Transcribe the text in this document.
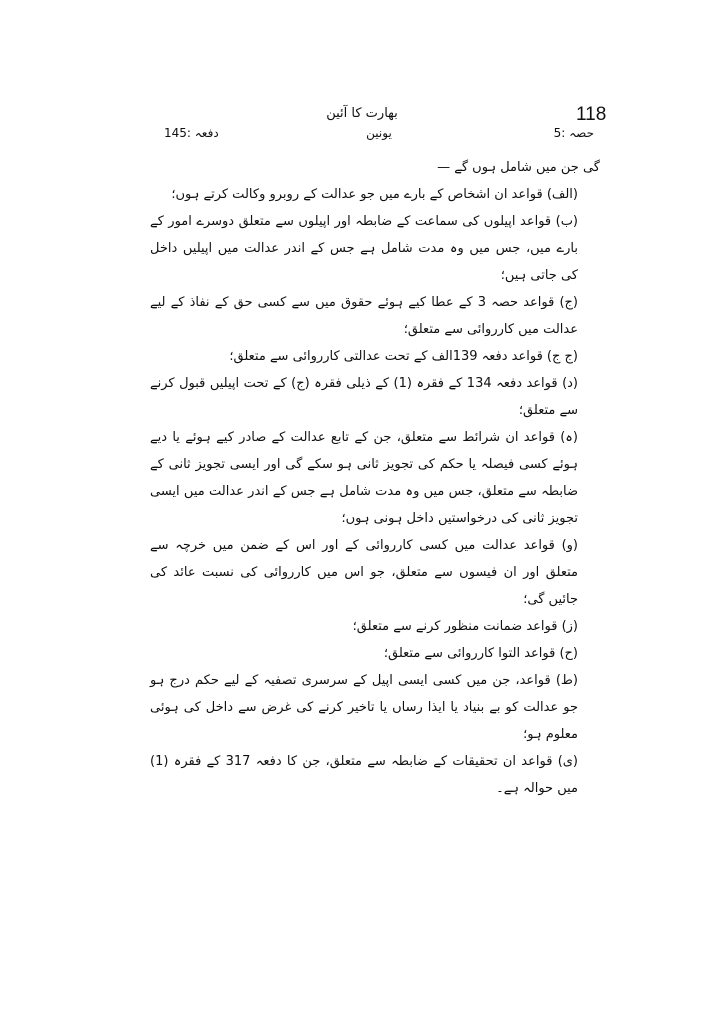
118
بھارت کا آئین
حصہ :5
یونین
دفعہ :145

گی جن میں شامل ہوں گے —

(الف) قواعد ان اشخاص کے بارے میں جو عدالت کے روبرو وکالت کرتے ہوں؛

(ب) قواعد اپیلوں کی سماعت کے ضابطہ اور اپیلوں سے متعلق دوسرے امور کے بارے میں، جس میں وہ مدت شامل ہے جس کے اندر عدالت میں اپیلیں داخل کی جاتی ہیں؛

(ج) قواعد حصہ 3 کے عطا کیے ہوئے حقوق میں سے کسی حق کے نفاذ کے لیے عدالت میں کارروائی سے متعلق؛

(ج ج) قواعد دفعہ 139الف کے تحت عدالتی کارروائی سے متعلق؛

(د) قواعد دفعہ 134 کے فقرہ (1) کے ذیلی فقرہ (ج) کے تحت اپیلیں قبول کرنے سے متعلق؛

(ہ) قواعد ان شرائط سے متعلق، جن کے تابع عدالت کے صادر کیے ہوئے یا دیے ہوئے کسی فیصلہ یا حکم کی تجویز ثانی ہو سکے گی اور ایسی تجویز ثانی کے ضابطہ سے متعلق، جس میں وہ مدت شامل ہے جس کے اندر عدالت میں ایسی تجویز ثانی کی درخواستیں داخل ہونی ہوں؛

(و) قواعد عدالت میں کسی کارروائی کے اور اس کے ضمن میں خرچہ سے متعلق اور ان فیسوں سے متعلق، جو اس میں کارروائی کی نسبت عائد کی جائیں گی؛

(ز) قواعد ضمانت منظور کرنے سے متعلق؛

(ح) قواعد التوا کارروائی سے متعلق؛

(ط) قواعد، جن میں کسی ایسی اپیل کے سرسری تصفیہ کے لیے حکم درج ہو جو عدالت کو بے بنیاد یا ایذا رساں یا تاخیر کرنے کی غرض سے داخل کی ہوئی معلوم ہو؛

(ی) قواعد ان تحقیقات کے ضابطہ سے متعلق، جن کا دفعہ 317 کے فقرہ (1) میں حوالہ ہے۔
